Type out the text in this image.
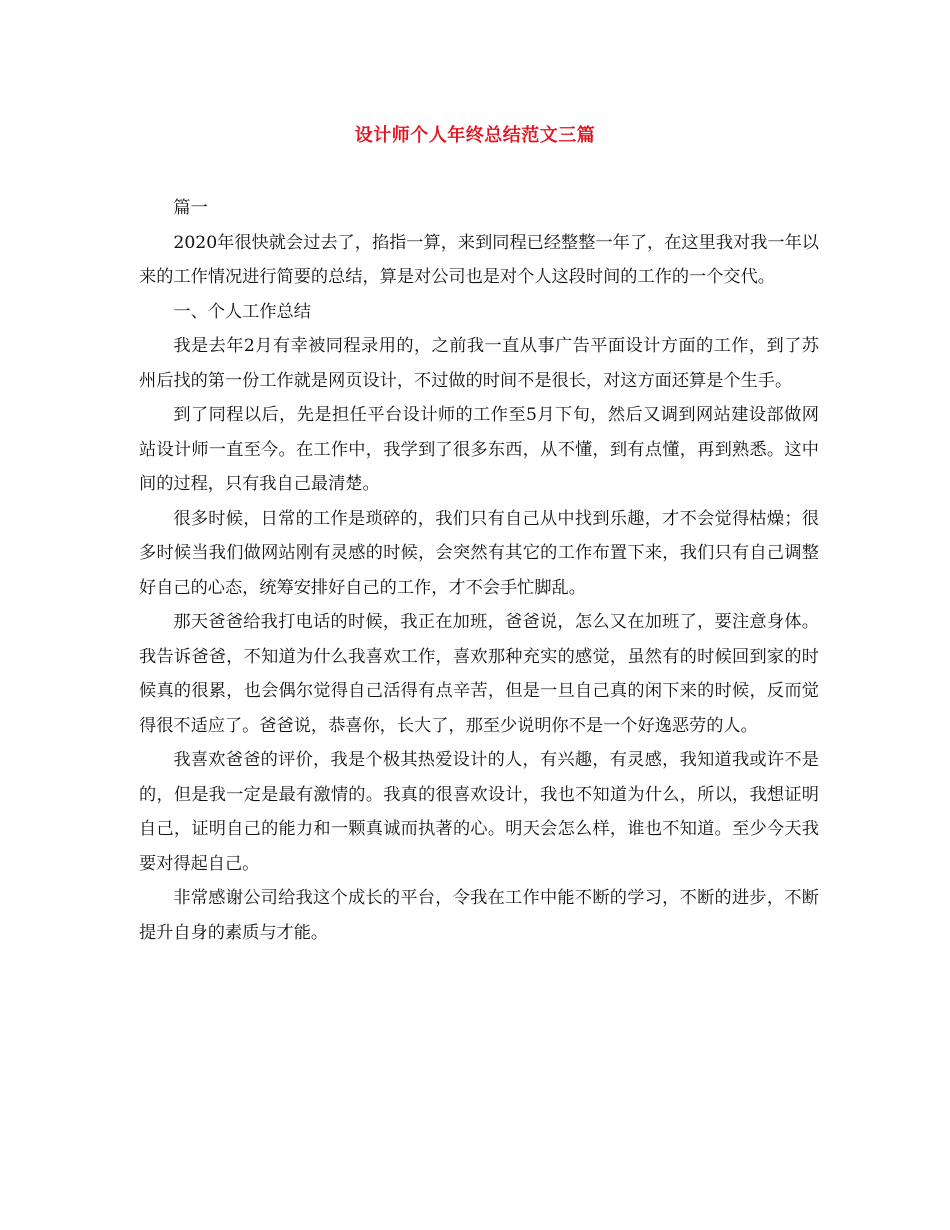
设计师个人年终总结范文三篇

篇一

2020年很快就会过去了，掐指一算，来到同程已经整整一年了，在这里我对我一年以来的工作情况进行简要的总结，算是对公司也是对个人这段时间的工作的一个交代。

一、个人工作总结

我是去年2月有幸被同程录用的，之前我一直从事广告平面设计方面的工作，到了苏州后找的第一份工作就是网页设计，不过做的时间不是很长，对这方面还算是个生手。

到了同程以后，先是担任平台设计师的工作至5月下旬，然后又调到网站建设部做网站设计师一直至今。在工作中，我学到了很多东西，从不懂，到有点懂，再到熟悉。这中间的过程，只有我自己最清楚。

很多时候，日常的工作是琐碎的，我们只有自己从中找到乐趣，才不会觉得枯燥；很多时候当我们做网站刚有灵感的时候，会突然有其它的工作布置下来，我们只有自己调整好自己的心态，统筹安排好自己的工作，才不会手忙脚乱。

那天爸爸给我打电话的时候，我正在加班，爸爸说，怎么又在加班了，要注意身体。我告诉爸爸，不知道为什么我喜欢工作，喜欢那种充实的感觉，虽然有的时候回到家的时候真的很累，也会偶尔觉得自己活得有点辛苦，但是一旦自己真的闲下来的时候，反而觉得很不适应了。爸爸说，恭喜你，长大了，那至少说明你不是一个好逸恶劳的人。

我喜欢爸爸的评价，我是个极其热爱设计的人，有兴趣，有灵感，我知道我或许不是的，但是我一定是最有激情的。我真的很喜欢设计，我也不知道为什么，所以，我想证明自己，证明自己的能力和一颗真诚而执著的心。明天会怎么样，谁也不知道。至少今天我要对得起自己。

非常感谢公司给我这个成长的平台，令我在工作中能不断的学习，不断的进步，不断提升自身的素质与才能。
